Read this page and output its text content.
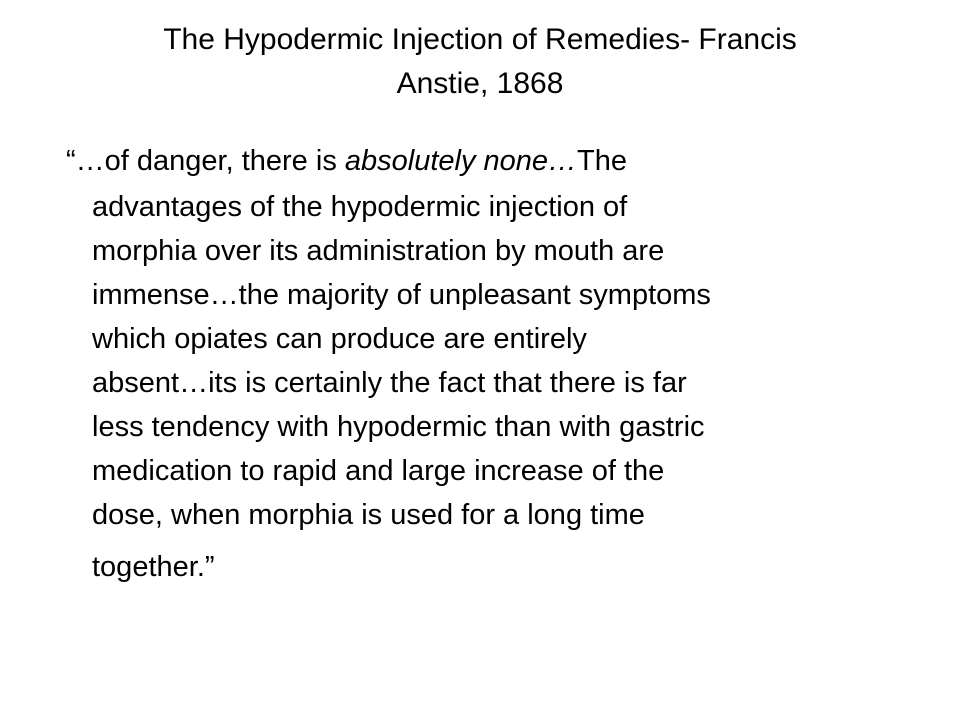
The Hypodermic Injection of Remedies- Francis
Anstie, 1868
“…of danger, there is absolutely none…The
advantages of the hypodermic injection of
morphia over its administration by mouth are
immense…the majority of unpleasant symptoms
which opiates can produce are entirely
absent…its is certainly the fact that there is far
less tendency with hypodermic than with gastric
medication to rapid and large increase of the
dose, when morphia is used for a long time
together.”
